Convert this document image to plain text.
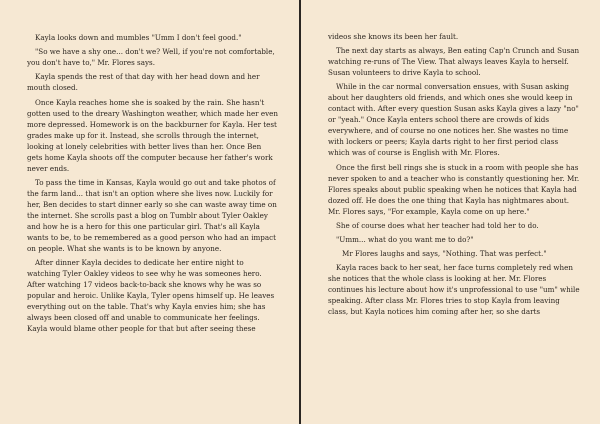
Kayla looks down and mumbles "Umm I don't feel good."

"So we have a shy one... don't we? Well, if you're not comfortable, you don't have to," Mr. Flores says.

Kayla spends the rest of that day with her head down and her mouth closed.

Once Kayla reaches home she is soaked by the rain. She hasn't gotten used to the dreary Washington weather, which made her even more depressed. Homework is on the backburner for Kayla. Her test grades make up for it. Instead, she scrolls through the internet, looking at lonely celebrities with better lives than her. Once Ben gets home Kayla shoots off the computer because her father's work never ends.

To pass the time in Kansas, Kayla would go out and take photos of the farm land... that isn't an option where she lives now. Luckily for her, Ben decides to start dinner early so she can waste away time on the internet. She scrolls past a blog on Tumblr about Tyler Oakley and how he is a hero for this one particular girl. That's all Kayla wants to be, to be remembered as a good person who had an impact on people. What she wants is to be known by anyone.

After dinner Kayla decides to dedicate her entire night to watching Tyler Oakley videos to see why he was someones hero. After watching 17 videos back-to-back she knows why he was so popular and heroic. Unlike Kayla, Tyler opens himself up. He leaves everything out on the table. That's why Kayla envies him; she has always been closed off and unable to communicate her feelings. Kayla would blame other people for that but after seeing these

videos she knows its been her fault.

The next day starts as always, Ben eating Cap'n Crunch and Susan watching re-runs of The View. That always leaves Kayla to herself. Susan volunteers to drive Kayla to school.

While in the car normal conversation ensues, with Susan asking about her daughters old friends, and which ones she would keep in contact with. After every question Susan asks Kayla gives a lazy "no" or "yeah." Once Kayla enters school there are crowds of kids everywhere, and of course no one notices her. She wastes no time with lockers or peers; Kayla darts right to her first period class which was of course is English with Mr. Flores.

Once the first bell rings she is stuck in a room with people she has never spoken to and a teacher who is constantly questioning her. Mr. Flores speaks about public speaking when he notices that Kayla had dozed off. He does the one thing that Kayla has nightmares about. Mr. Flores says, "For example, Kayla come on up here."

She of course does what her teacher had told her to do.

"Umm... what do you want me to do?"

Mr Flores laughs and says, "Nothing. That was perfect."

Kayla races back to her seat, her face turns completely red when she notices that the whole class is looking at her. Mr. Flores continues his lecture about how it's unprofessional to use "um" while speaking. After class Mr. Flores tries to stop Kayla from leaving class, but Kayla notices him coming after her, so she darts
